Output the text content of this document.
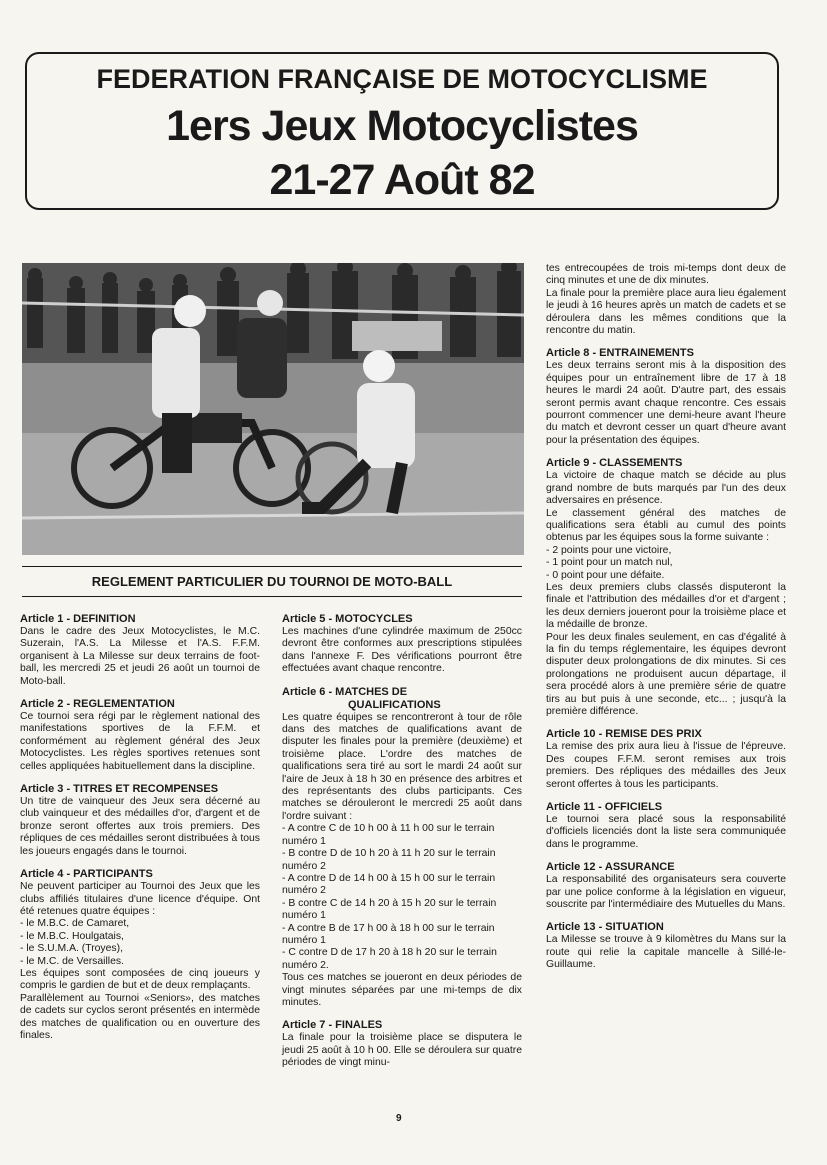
FEDERATION FRANÇAISE DE MOTOCYCLISME
1ers Jeux Motocyclistes
21-27 Août 82
REGLEMENT PARTICULIER DU TOURNOI DE MOTO-BALL
Article 1 - DEFINITION
Dans le cadre des Jeux Motocyclistes, le M.C. Suzerain, l'A.S. La Milesse et l'A.S. F.F.M. organisent à La Milesse sur deux terrains de foot-ball, les mercredi 25 et jeudi 26 août un tournoi de Moto-ball.
Article 2 - REGLEMENTATION
Ce tournoi sera régi par le règlement national des manifestations sportives de la F.F.M. et conformément au règlement général des Jeux Motocyclistes. Les règles sportives retenues sont celles appliquées habituellement dans la discipline.
Article 3 - TITRES ET RECOMPENSES
Un titre de vainqueur des Jeux sera décerné au club vainqueur et des médailles d'or, d'argent et de bronze seront offertes aux trois premiers. Des répliques de ces médailles seront distribuées à tous les joueurs engagés dans le tournoi.
Article 4 - PARTICIPANTS
Ne peuvent participer au Tournoi des Jeux que les clubs affiliés titulaires d'une licence d'équipe. Ont été retenues quatre équipes :
- le M.B.C. de Camaret,
- le M.B.C. Houlgatais,
- le S.U.M.A. (Troyes),
- le M.C. de Versailles.
Les équipes sont composées de cinq joueurs y compris le gardien de but et de deux remplaçants.
Parallèlement au Tournoi «Seniors», des matches de cadets sur cyclos seront présentés en intermède des matches de qualification ou en ouverture des finales.
Article 5 - MOTOCYCLES
Les machines d'une cylindrée maximum de 250cc devront être conformes aux prescriptions stipulées dans l'annexe F. Des vérifications pourront être effectuées avant chaque rencontre.
Article 6 - MATCHES DE
QUALIFICATIONS
Les quatre équipes se rencontreront à tour de rôle dans des matches de qualifications avant de disputer les finales pour la première (deuxième) et troisième place. L'ordre des matches de qualifications sera tiré au sort le mardi 24 août sur l'aire de Jeux à 18 h 30 en présence des arbitres et des représentants des clubs participants. Ces matches se dérouleront le mercredi 25 août dans l'ordre suivant :
- A contre C de 10 h 00 à 11 h 00 sur le terrain numéro 1
- B contre D de 10 h 20 à 11 h 20 sur le terrain numéro 2
- A contre D de 14 h 00 à 15 h 00 sur le terrain numéro 2
- B contre C de 14 h 20 à 15 h 20 sur le terrain numéro 1
- A contre B de 17 h 00 à 18 h 00 sur le terrain numéro 1
- C contre D de 17 h 20 à 18 h 20 sur le terrain numéro 2.
Tous ces matches se joueront en deux périodes de vingt minutes séparées par une mi-temps de dix minutes.
Article 7 - FINALES
La finale pour la troisième place se disputera le jeudi 25 août à 10 h 00. Elle se déroulera sur quatre périodes de vingt minu-
tes entrecoupées de trois mi-temps dont deux de cinq minutes et une de dix minutes.
La finale pour la première place aura lieu également le jeudi à 16 heures après un match de cadets et se déroulera dans les mêmes conditions que la rencontre du matin.
Article 8 - ENTRAINEMENTS
Les deux terrains seront mis à la disposition des équipes pour un entraînement libre de 17 à 18 heures le mardi 24 août. D'autre part, des essais seront permis avant chaque rencontre. Ces essais pourront commencer une demi-heure avant l'heure du match et devront cesser un quart d'heure avant pour la présentation des équipes.
Article 9 - CLASSEMENTS
La victoire de chaque match se décide au plus grand nombre de buts marqués par l'un des deux adversaires en présence.
Le classement général des matches de qualifications sera établi au cumul des points obtenus par les équipes sous la forme suivante :
- 2 points pour une victoire,
- 1 point pour un match nul,
- 0 point pour une défaite.
Les deux premiers clubs classés disputeront la finale et l'attribution des médailles d'or et d'argent ; les deux derniers joueront pour la troisième place et la médaille de bronze.
Pour les deux finales seulement, en cas d'égalité à la fin du temps réglementaire, les équipes devront disputer deux prolongations de dix minutes. Si ces prolongations ne produisent aucun départage, il sera procédé alors à une première série de quatre tirs au but puis à une seconde, etc... ; jusqu'à la première différence.
Article 10 - REMISE DES PRIX
La remise des prix aura lieu à l'issue de l'épreuve. Des coupes F.F.M. seront remises aux trois premiers. Des répliques des médailles des Jeux seront offertes à tous les participants.
Article 11 - OFFICIELS
Le tournoi sera placé sous la responsabilité d'officiels licenciés dont la liste sera communiquée dans le programme.
Article 12 - ASSURANCE
La responsabilité des organisateurs sera couverte par une police conforme à la législation en vigueur, souscrite par l'intermédiaire des Mutuelles du Mans.
Article 13 - SITUATION
La Milesse se trouve à 9 kilomètres du Mans sur la route qui relie la capitale mancelle à Sillé-le-Guillaume.
9
